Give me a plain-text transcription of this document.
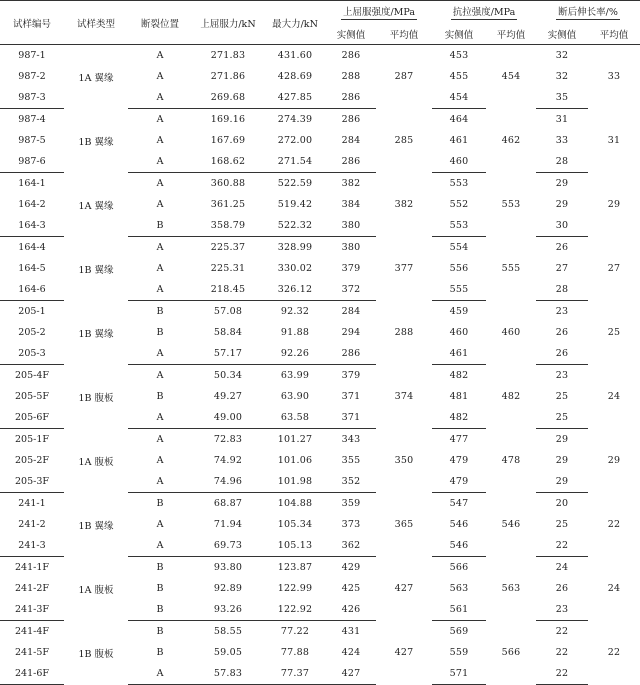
试样编号	试样类型	断裂位置	上屈服力/kN	最大力/kN	上屈服强度/MPa		抗拉强度/MPa		断后伸长率/%	
					实侧值	平均值	实侧值	平均值	实侧值	平均值
987-1	1A 翼缘	A	271.83	431.60	286	287	453	454	32	33
987-2		A	271.86	428.69	288		455		32	
987-3		A	269.68	427.85	286		454		35	
987-4	1B 翼缘	A	169.16	274.39	286	285	464	462	31	31
987-5		A	167.69	272.00	284		461		33	
987-6		A	168.62	271.54	286		460		28	
164-1	1A 翼缘	A	360.88	522.59	382	382	553	553	29	29
164-2		A	361.25	519.42	384		552		29	
164-3		B	358.79	522.32	380		553		30	
164-4	1B 翼缘	A	225.37	328.99	380	377	554	555	26	27
164-5		A	225.31	330.02	379		556		27	
164-6		A	218.45	326.12	372		555		28	
205-1	1B 翼缘	B	57.08	92.32	284	288	459	460	23	25
205-2		B	58.84	91.88	294		460		26	
205-3		A	57.17	92.26	286		461		26	
205-4F	1B 腹板	A	50.34	63.99	379	374	482	482	23	24
205-5F		B	49.27	63.90	371		481		25	
205-6F		A	49.00	63.58	371		482		25	
205-1F	1A 腹板	A	72.83	101.27	343	350	477	478	29	29
205-2F		A	74.92	101.06	355		479		29	
205-3F		A	74.96	101.98	352		479		29	
241-1	1B 翼缘	B	68.87	104.88	359	365	547	546	20	22
241-2		A	71.94	105.34	373		546		25	
241-3		A	69.73	105.13	362		546		22	
241-1F	1A 腹板	B	93.80	123.87	429	427	566	563	24	24
241-2F		B	92.89	122.99	425		563		26	
241-3F		B	93.26	122.92	426		561		23	
241-4F	1B 腹板	B	58.55	77.22	431	427	569	566	22	22
241-5F		B	59.05	77.88	424		559		22	
241-6F		A	57.83	77.37	427		571		22	
